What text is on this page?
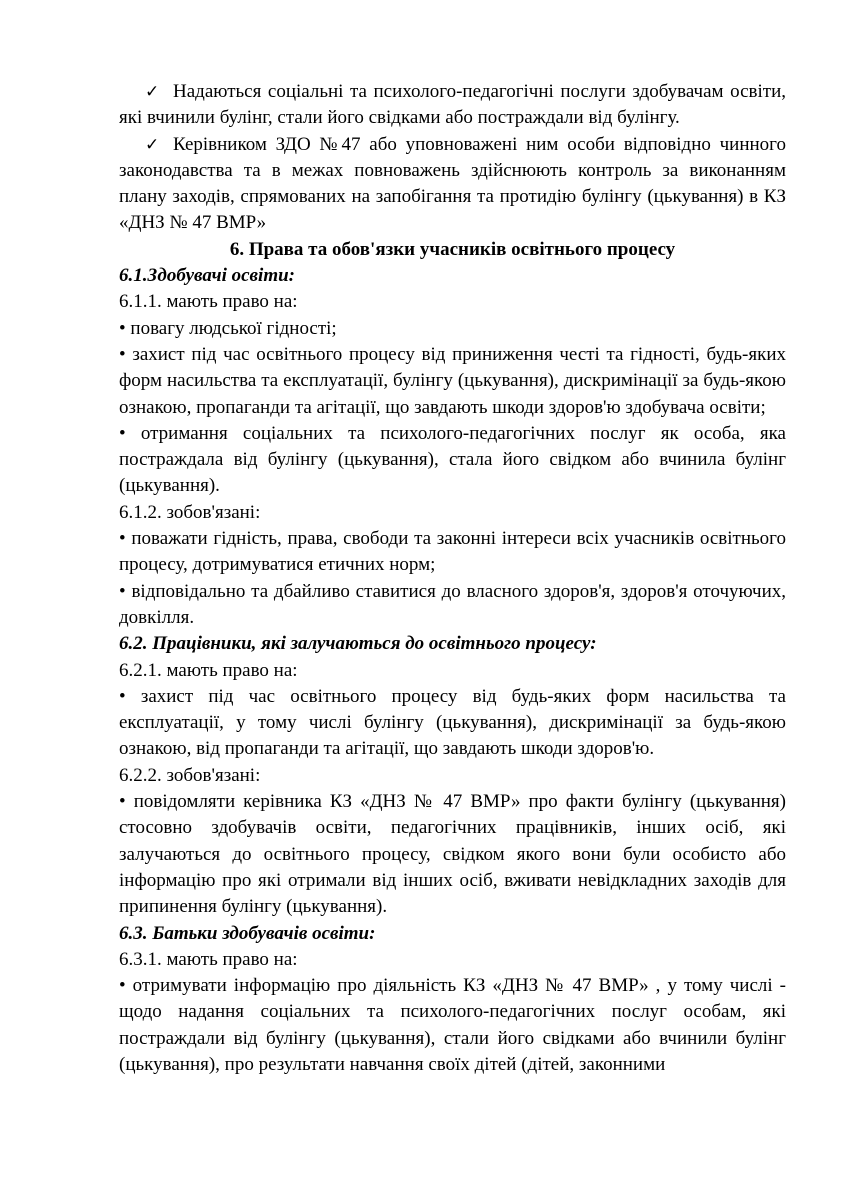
✓ Надаються соціальні та психолого-педагогічні послуги здобувачам освіти, які вчинили булінг, стали його свідками або постраждали від булінгу.

✓ Керівником ЗДО №47 або уповноважені ним особи відповідно чинного законодавства та в межах повноважень здійснюють контроль за виконанням плану заходів, спрямованих на запобігання та протидію булінгу (цькування) в КЗ «ДНЗ № 47 ВМР»

6. Права та обов'язки учасників освітнього процесу

6.1.Здобувачі освіти:

6.1.1. мають право на:

• повагу людської гідності;

• захист під час освітнього процесу від приниження честі та гідності, будь-яких форм насильства та експлуатації, булінгу (цькування), дискримінації за будь-якою ознакою, пропаганди та агітації, що завдають шкоди здоров'ю здобувача освіти;

• отримання соціальних та психолого-педагогічних послуг як особа, яка постраждала від булінгу (цькування), стала його свідком або вчинила булінг (цькування).

6.1.2. зобов'язані:

• поважати гідність, права, свободи та законні інтереси всіх учасників освітнього процесу, дотримуватися етичних норм;

• відповідально та дбайливо ставитися до власного здоров'я, здоров'я оточуючих, довкілля.

6.2. Працівники, які залучаються до освітнього процесу:

6.2.1. мають право на:

• захист під час освітнього процесу від будь-яких форм насильства та експлуатації, у тому числі булінгу (цькування), дискримінації за будь-якою ознакою, від пропаганди та агітації, що завдають шкоди здоров'ю.

6.2.2. зобов'язані:

• повідомляти керівника КЗ «ДНЗ № 47 ВМР» про факти булінгу (цькування) стосовно здобувачів освіти, педагогічних працівників, інших осіб, які залучаються до освітнього процесу, свідком якого вони були особисто або інформацію про які отримали від інших осіб, вживати невідкладних заходів для припинення булінгу (цькування).

6.3. Батьки здобувачів освіти:

6.3.1. мають право на:

• отримувати інформацію про діяльність КЗ «ДНЗ № 47 ВМР» , у тому числі - щодо надання соціальних та психолого-педагогічних послуг особам, які постраждали від булінгу (цькування), стали його свідками або вчинили булінг (цькування), про результати навчання своїх дітей (дітей, законними
